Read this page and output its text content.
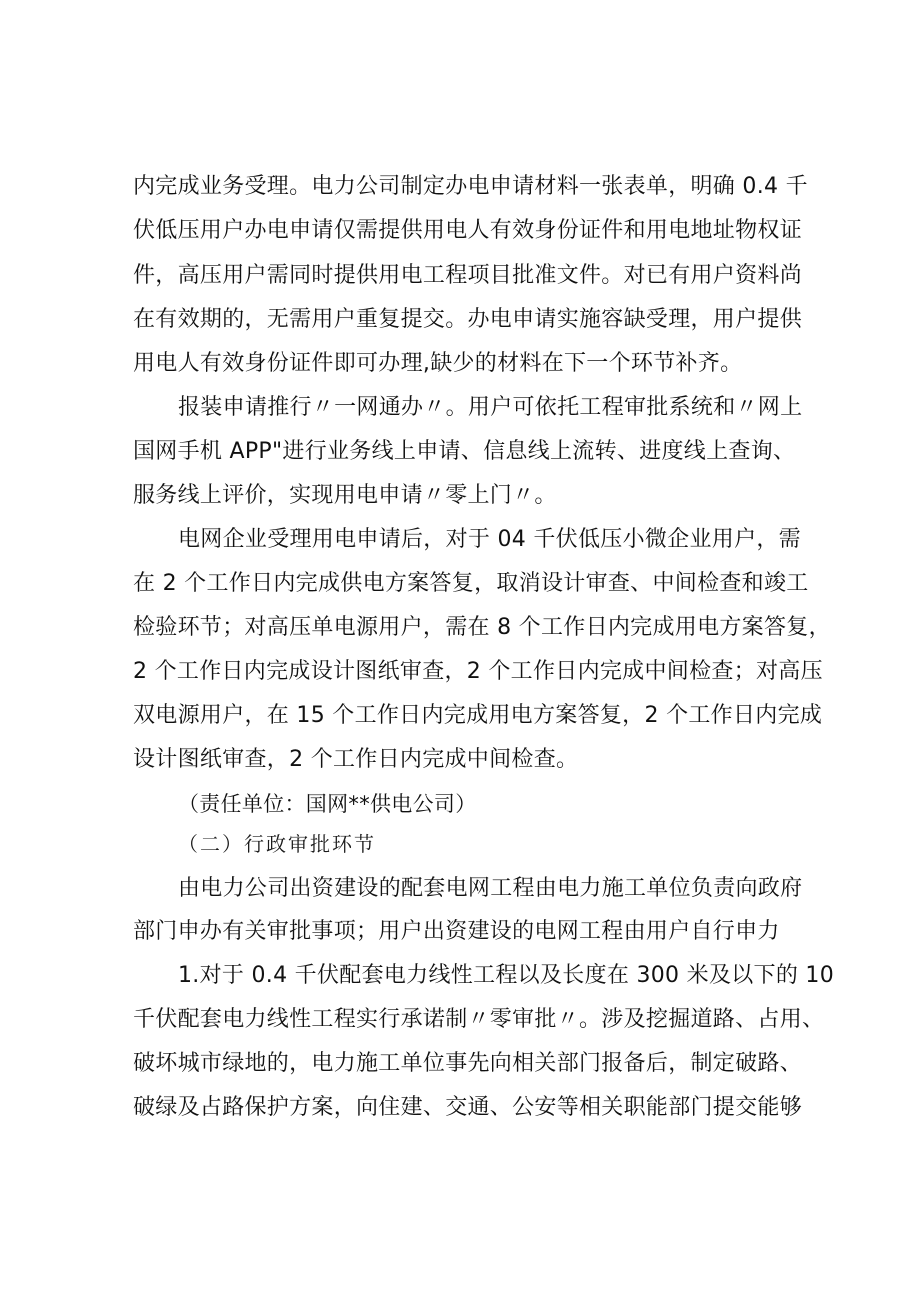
内完成业务受理。电力公司制定办电申请材料一张表单，明确 0.4 千
伏低压用户办电申请仅需提供用电人有效身份证件和用电地址物权证
件，高压用户需同时提供用电工程项目批准文件。对已有用户资料尚
在有效期的，无需用户重复提交。办电申请实施容缺受理，用户提供
用电人有效身份证件即可办理,缺少的材料在下一个环节补齐。
报装申请推行〃一网通办〃。用户可依托工程审批系统和〃网上
国网手机 APP"进行业务线上申请、信息线上流转、进度线上查询、
服务线上评价，实现用电申请〃零上门〃。
电网企业受理用电申请后，对于 04 千伏低压小微企业用户，需
在 2 个工作日内完成供电方案答复，取消设计审查、中间检查和竣工
检验环节；对高压单电源用户，需在 8 个工作日内完成用电方案答复，
2 个工作日内完成设计图纸审查，2 个工作日内完成中间检查；对高压
双电源用户，在 15 个工作日内完成用电方案答复，2 个工作日内完成
设计图纸审查，2 个工作日内完成中间检查。
（责任单位：国网**供电公司）
（二）行政审批环节
由电力公司出资建设的配套电网工程由电力施工单位负责向政府
部门申办有关审批事项；用户出资建设的电网工程由用户自行申力
1.对于 0.4 千伏配套电力线性工程以及长度在 300 米及以下的 10
千伏配套电力线性工程实行承诺制〃零审批〃。涉及挖掘道路、占用、
破坏城市绿地的，电力施工单位事先向相关部门报备后，制定破路、
破绿及占路保护方案，向住建、交通、公安等相关职能部门提交能够
